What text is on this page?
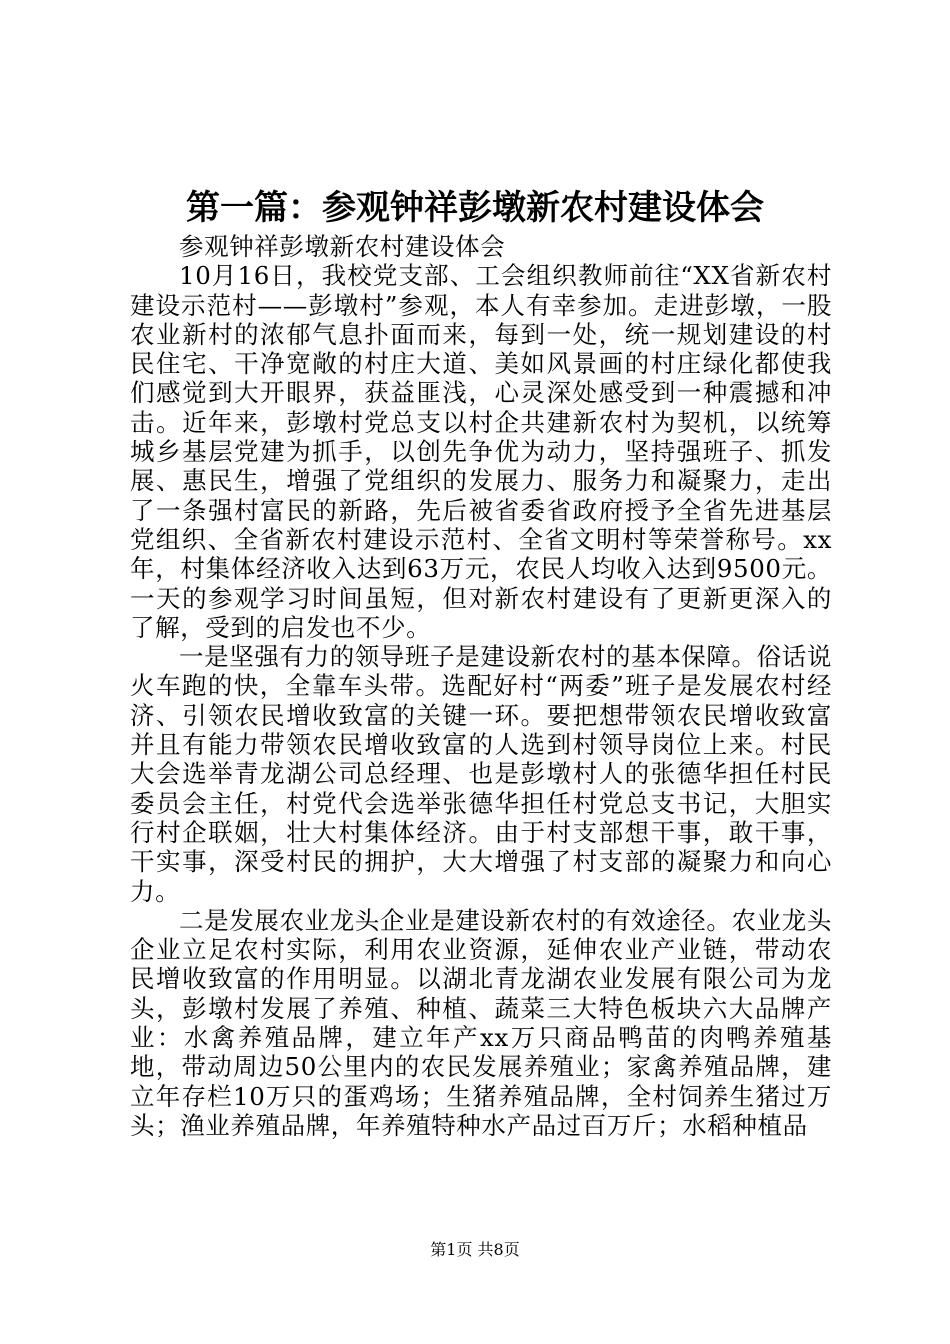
第一篇：参观钟祥彭墩新农村建设体会

参观钟祥彭墩新农村建设体会

10月16日，我校党支部、工会组织教师前往“XX省新农村建设示范村——彭墩村”参观，本人有幸参加。走进彭墩，一股农业新村的浓郁气息扑面而来，每到一处，统一规划建设的村民住宅、干净宽敞的村庄大道、美如风景画的村庄绿化都使我们感觉到大开眼界，获益匪浅，心灵深处感受到一种震撼和冲击。近年来，彭墩村党总支以村企共建新农村为契机，以统筹城乡基层党建为抓手，以创先争优为动力，坚持强班子、抓发展、惠民生，增强了党组织的发展力、服务力和凝聚力，走出了一条强村富民的新路，先后被省委省政府授予全省先进基层党组织、全省新农村建设示范村、全省文明村等荣誉称号。xx年，村集体经济收入达到63万元，农民人均收入达到9500元。一天的参观学习时间虽短，但对新农村建设有了更新更深入的了解，受到的启发也不少。

一是坚强有力的领导班子是建设新农村的基本保障。俗话说火车跑的快，全靠车头带。选配好村“两委”班子是发展农村经济、引领农民增收致富的关键一环。要把想带领农民增收致富并且有能力带领农民增收致富的人选到村领导岗位上来。村民大会选举青龙湖公司总经理、也是彭墩村人的张德华担任村民委员会主任，村党代会选举张德华担任村党总支书记，大胆实行村企联姻，壮大村集体经济。由于村支部想干事，敢干事，干实事，深受村民的拥护，大大增强了村支部的凝聚力和向心力。

二是发展农业龙头企业是建设新农村的有效途径。农业龙头企业立足农村实际，利用农业资源，延伸农业产业链，带动农民增收致富的作用明显。以湖北青龙湖农业发展有限公司为龙头，彭墩村发展了养殖、种植、蔬菜三大特色板块六大品牌产业：水禽养殖品牌，建立年产xx万只商品鸭苗的肉鸭养殖基地，带动周边50公里内的农民发展养殖业；家禽养殖品牌，建立年存栏10万只的蛋鸡场；生猪养殖品牌，全村饲养生猪过万头；渔业养殖品牌，年养殖特种水产品过百万斤；水稻种植品

第1页 共8页
